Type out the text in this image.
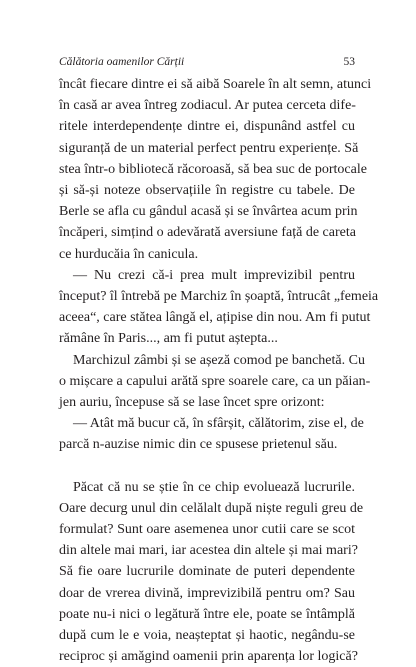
Călătoria oamenilor Cărții	53

încât fiecare dintre ei să aibă Soarele în alt semn, atunci
în casă ar avea întreg zodiacul. Ar putea cerceta dife-
ritele interdependențe dintre ei, dispunând astfel cu
siguranță de un material perfect pentru experiențe. Să
stea într-o bibliotecă răcoroasă, să bea suc de portocale
și să-și noteze observațiile în registre cu tabele. De
Berle se afla cu gândul acasă și se învârtea acum prin
încăperi, simțind o adevărată aversiune față de careta
ce hurducăia în canicula.

— Nu crezi că-i prea mult imprevizibil pentru
început? îl întrebă pe Marchiz în șoaptă, întrucât „femeia
aceea“, care stătea lângă el, ațipise din nou. Am fi putut
rămâne în Paris..., am fi putut aștepta...

Marchizul zâmbi și se așeză comod pe banchetă. Cu
o mișcare a capului arătă spre soarele care, ca un păian-
jen auriu, începuse să se lase încet spre orizont:

— Atât mă bucur că, în sfârșit, călătorim, zise el, de
parcă n-auzise nimic din ce spusese prietenul său.

Păcat că nu se știe în ce chip evoluează lucrurile.
Oare decurg unul din celălalt după niște reguli greu de
formulat? Sunt oare asemenea unor cutii care se scot
din altele mai mari, iar acestea din altele și mai mari?
Să fie oare lucrurile dominate de puteri dependente
doar de vrerea divină, imprevizibilă pentru om? Sau
poate nu-i nici o legătură între ele, poate se întâmplă
după cum le e voia, neașteptat și haotic, negându-se
reciproc și amăgind oamenii prin aparența lor logică?
